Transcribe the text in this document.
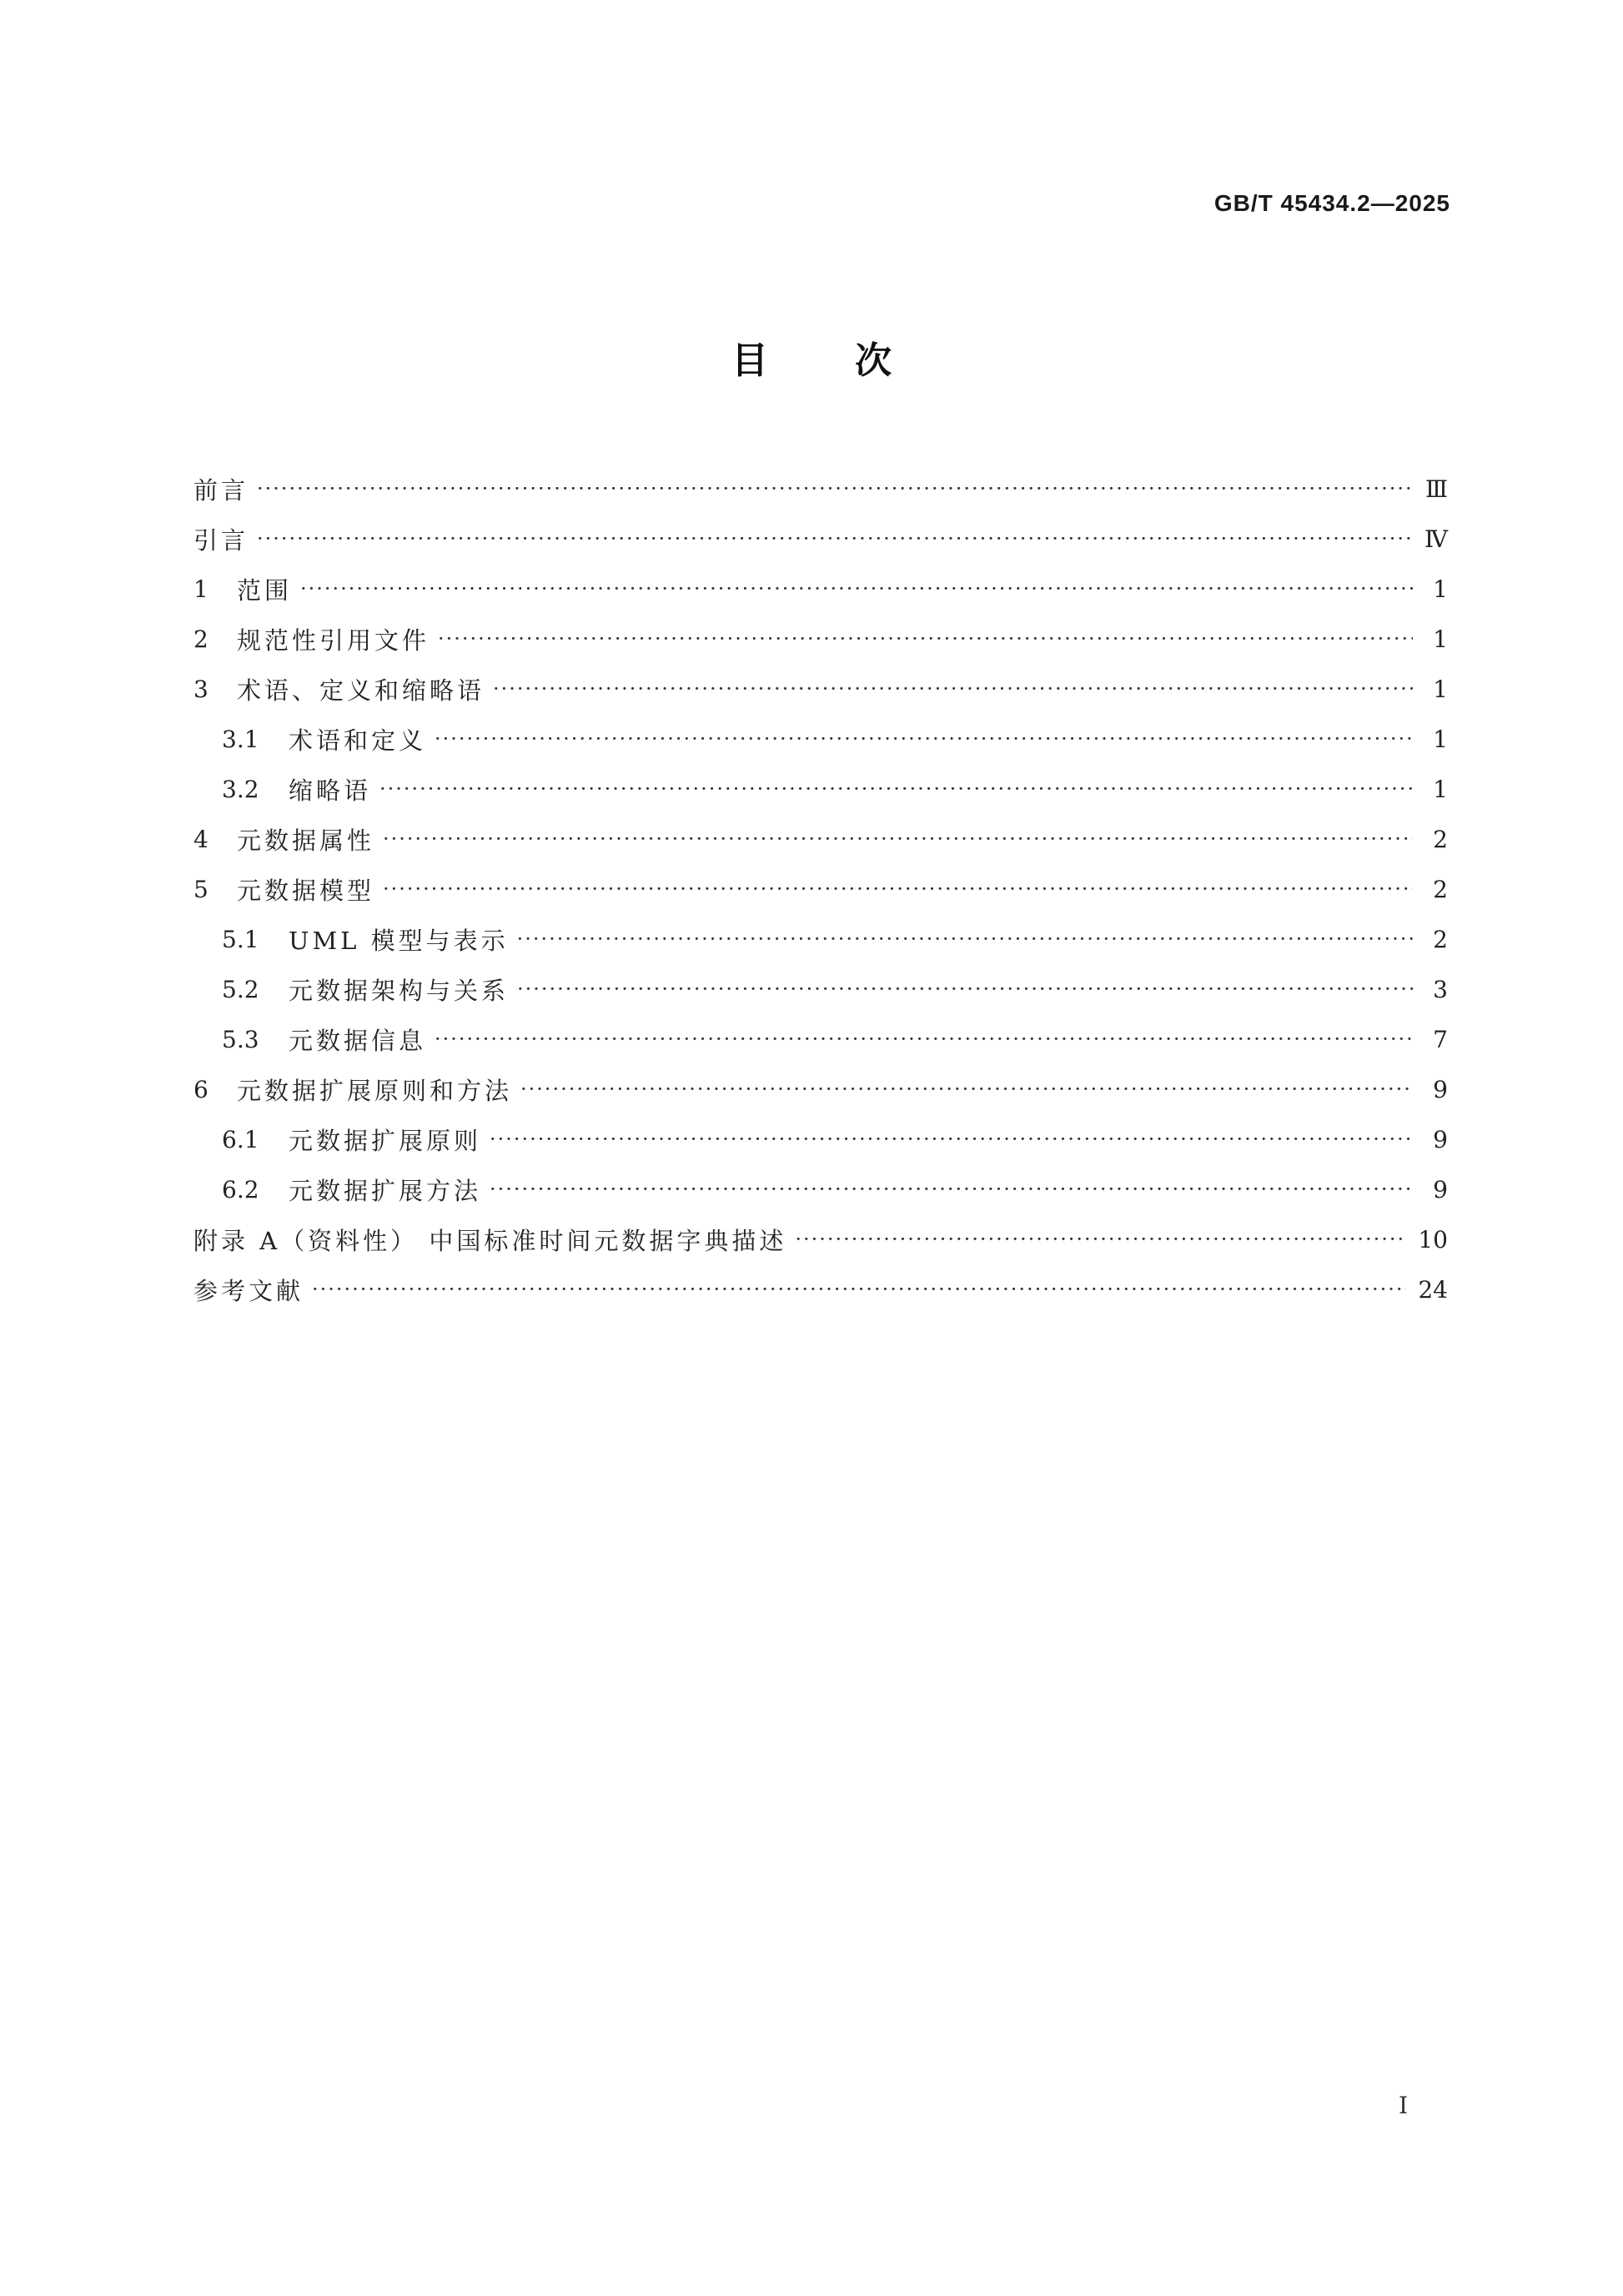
GB/T 45434.2—2025
目次
前言 ·····	Ⅲ
引言 ·····	Ⅳ
1	范围 ·····	1
2	规范性引用文件 ·····	1
3	术语、定义和缩略语 ·····	1
3.1	术语和定义 ·····	1
3.2	缩略语 ·····	1
4	元数据属性 ·····	2
5	元数据模型 ·····	2
5.1	UML 模型与表示 ·····	2
5.2	元数据架构与关系 ·····	3
5.3	元数据信息 ·····	7
6	元数据扩展原则和方法 ·····	9
6.1	元数据扩展原则 ·····	9
6.2	元数据扩展方法 ·····	9
附录 A（资料性） 中国标准时间元数据字典描述 ·····	10
参考文献 ·····	24
I
